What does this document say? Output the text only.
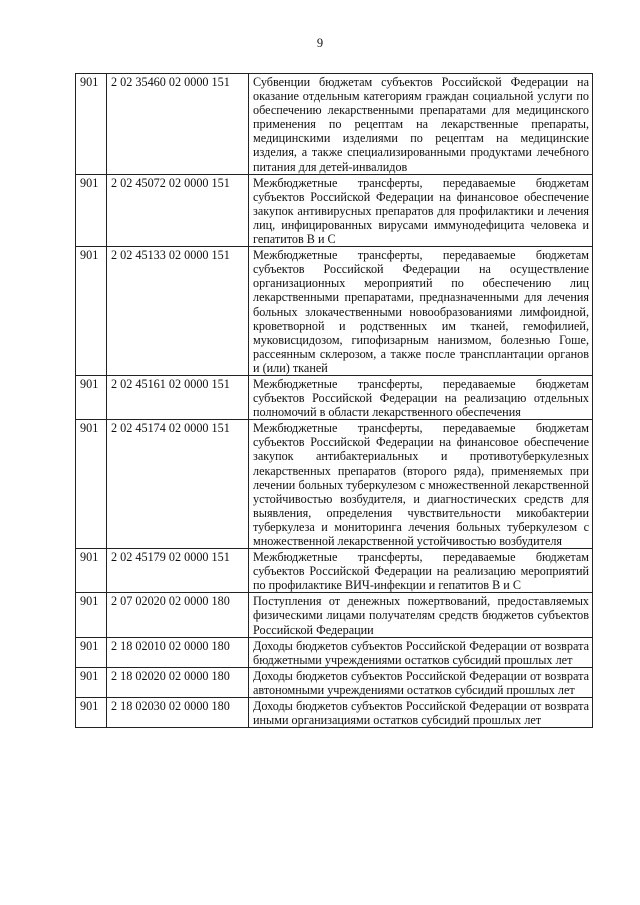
9
901	2 02 35460 02 0000 151	Субвенции бюджетам субъектов Российской Федерации на оказание отдельным категориям граждан социальной услуги по обеспечению лекарственными препаратами для медицинского применения по рецептам на лекарственные препараты, медицинскими изделиями по рецептам на медицинские изделия, а также специализированными продуктами лечебного питания для детей-инвалидов
901	2 02 45072 02 0000 151	Межбюджетные трансферты, передаваемые бюджетам субъектов Российской Федерации на финансовое обеспечение закупок антивирусных препаратов для профилактики и лечения лиц, инфицированных вирусами иммунодефицита человека и гепатитов В и С
901	2 02 45133 02 0000 151	Межбюджетные трансферты, передаваемые бюджетам субъектов Российской Федерации на осуществление организационных мероприятий по обеспечению лиц лекарственными препаратами, предназначенными для лечения больных злокачественными новообразованиями лимфоидной, кроветворной и родственных им тканей, гемофилией, муковисцидозом, гипофизарным нанизмом, болезнью Гоше, рассеянным склерозом, а также после трансплантации органов и (или) тканей
901	2 02 45161 02 0000 151	Межбюджетные трансферты, передаваемые бюджетам субъектов Российской Федерации на реализацию отдельных полномочий в области лекарственного обеспечения
901	2 02 45174 02 0000 151	Межбюджетные трансферты, передаваемые бюджетам субъектов Российской Федерации на финансовое обеспечение закупок антибактериальных и противотуберкулезных лекарственных препаратов (второго ряда), применяемых при лечении больных туберкулезом с множественной лекарственной устойчивостью возбудителя, и диагностических средств для выявления, определения чувствительности микобактерии туберкулеза и мониторинга лечения больных туберкулезом с множественной лекарственной устойчивостью возбудителя
901	2 02 45179 02 0000 151	Межбюджетные трансферты, передаваемые бюджетам субъектов Российской Федерации на реализацию мероприятий по профилактике ВИЧ-инфекции и гепатитов В и С
901	2 07 02020 02 0000 180	Поступления от денежных пожертвований, предоставляемых физическими лицами получателям средств бюджетов субъектов Российской Федерации
901	2 18 02010 02 0000 180	Доходы бюджетов субъектов Российской Федерации от возврата бюджетными учреждениями остатков субсидий прошлых лет
901	2 18 02020 02 0000 180	Доходы бюджетов субъектов Российской Федерации от возврата автономными учреждениями остатков субсидий прошлых лет
901	2 18 02030 02 0000 180	Доходы бюджетов субъектов Российской Федерации от возврата иными организациями остатков субсидий прошлых лет
